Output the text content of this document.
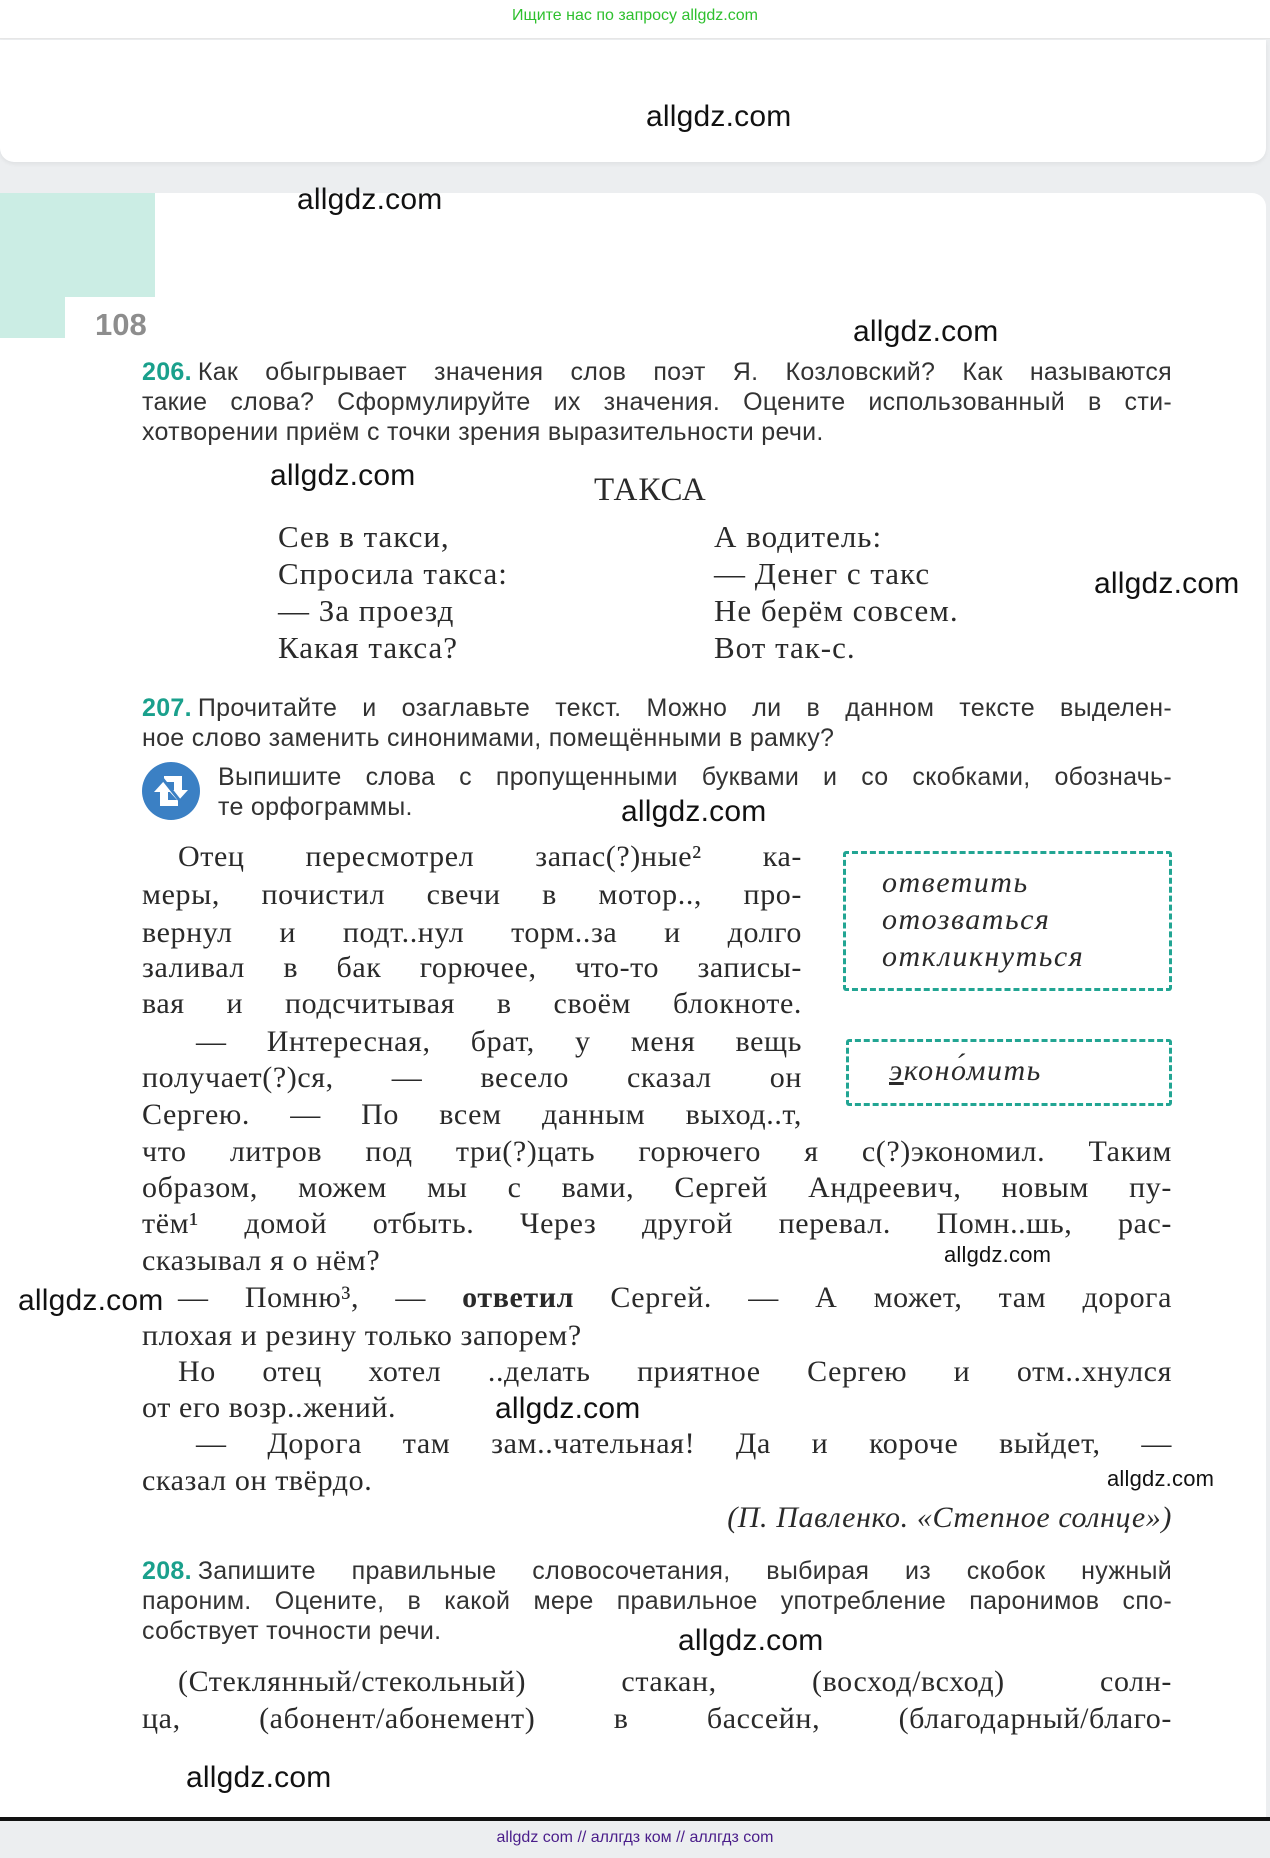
Ищите нас по запросу allgdz.com
allgdz.com
108
allgdz.com
allgdz.com
allgdz.com
allgdz.com
allgdz.com
allgdz.com
allgdz.com
allgdz.com
allgdz.com
allgdz.com
allgdz.com
206. Как обыгрывает значения слов поэт Я. Козловский? Как называются
такие слова? Сформулируйте их значения. Оцените использованный в сти-
хотворении приём с точки зрения выразительности речи.
ТАКСА
Сев в такси,
Спросила такса:
— За проезд
Какая такса?
А водитель:
— Денег с такс
Не берём совсем.
Вот так-с.
207. Прочитайте и озаглавьте текст. Можно ли в данном тексте выделен-
ное слово заменить синонимами, помещёнными в рамку?
Выпишите слова с пропущенными буквами и со скобками, обозначь-
те орфограммы.
ответить
отозваться
откликнуться
эконо́мить
Отец пересмотрел запас(?)ные² ка-
меры, почистил свечи в мотор.., про-
вернул и подт..нул торм..за и долго
заливал в бак горючее, что-то записы-
вая и подсчитывая в своём блокноте.
— Интересная, брат, у меня вещь
получает(?)ся, — весело сказал он
Сергею. — По всем данным выход..т,
что литров под три(?)цать горючего я с(?)экономил. Таким
образом, можем мы с вами, Сергей Андреевич, новым пу-
тём¹ домой отбыть. Через другой перевал. Помн..шь, рас-
сказывал я о нём?
— Помню³, — ответил Сергей. — А может, там дорога
плохая и резину только запорем?
Но отец хотел ..делать приятное Сергею и отм..хнулся
от его возр..жений.
— Дорога там зам..чательная! Да и короче выйдет, —
сказал он твёрдо.
(П. Павленко. «Степное солнце»)
208. Запишите правильные словосочетания, выбирая из скобок нужный
пароним. Оцените, в какой мере правильное употребление паронимов спо-
собствует точности речи.
(Стеклянный/стекольный) стакан, (восход/всход) солн-
ца, (абонент/абонемент) в бассейн, (благодарный/благо-
allgdz com // аллгдз ком // аллгдз com
